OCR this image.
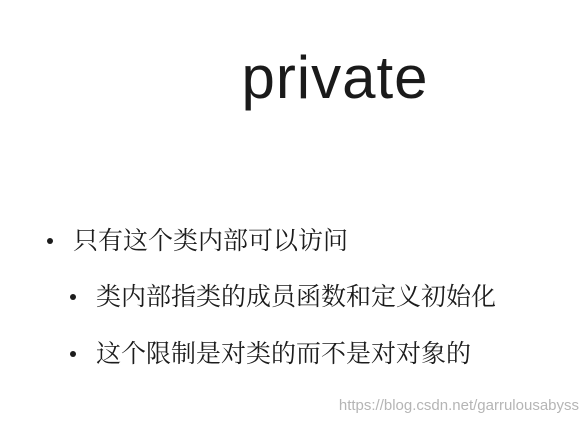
private
只有这个类内部可以访问
类内部指类的成员函数和定义初始化
这个限制是对类的而不是对对象的
https://blog.csdn.net/garrulousabyss
